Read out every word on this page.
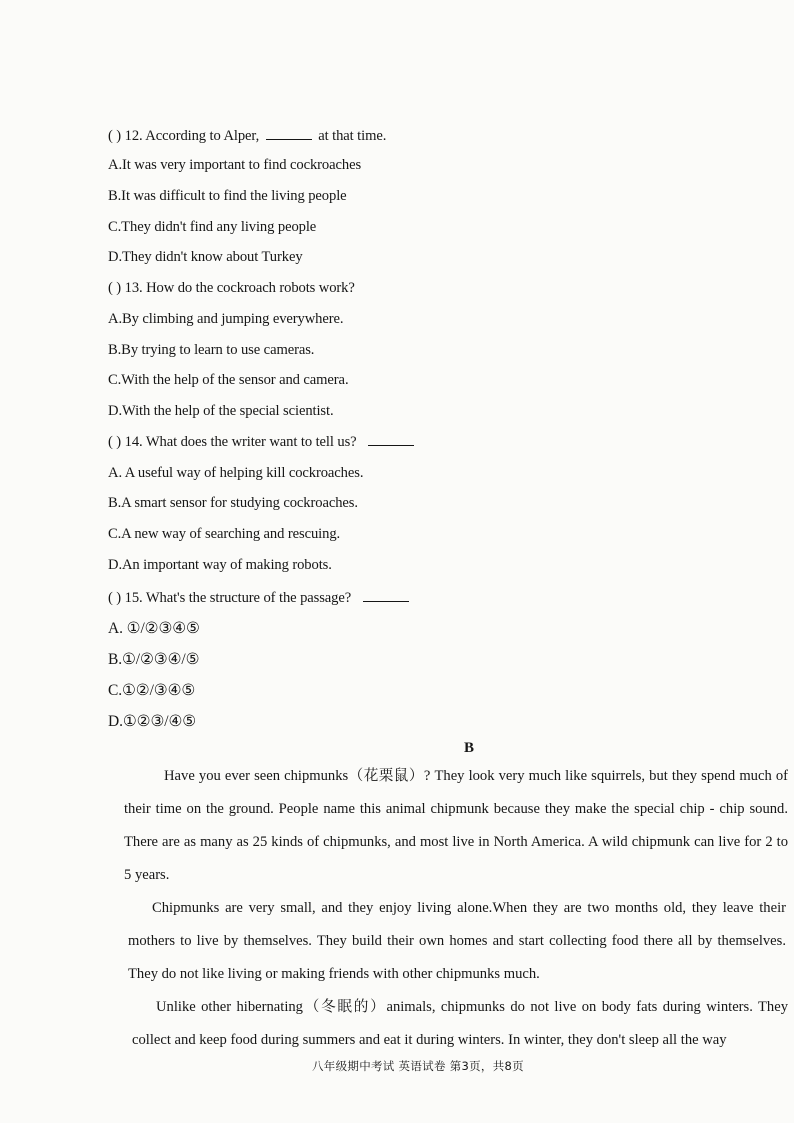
( ) 12. According to Alper,	at that time.
A.It was very important to find cockroaches
B.It was difficult to find the living people
C.They didn't find any living people
D.They didn't know about Turkey
( ) 13. How do the cockroach robots work?
A.By climbing and jumping everywhere.
B.By trying to learn to use cameras.
C.With the help of the sensor and camera.
D.With the help of the special scientist.
( ) 14. What does the writer want to tell us?
A. A useful way of helping kill cockroaches.
B.A smart sensor for studying cockroaches.
C.A new way of searching and rescuing.
D.An important way of making robots.
( ) 15. What's the structure of the passage?
A. ①/②③④⑤
B.①/②③④/⑤
C.①②/③④⑤
D.①②③/④⑤
B
Have you ever seen chipmunks（花栗鼠）? They look very much like squirrels, but they spend much of their time on the ground. People name this animal chipmunk because they make the special chip - chip sound. There are as many as 25 kinds of chipmunks, and most live in North America. A wild chipmunk can live for 2 to 5 years.
Chipmunks are very small, and they enjoy living alone.When they are two months old, they leave their mothers to live by themselves. They build their own homes and start collecting food there all by themselves. They do not like living or making friends with other chipmunks much.
Unlike other hibernating（冬眠的）animals, chipmunks do not live on body fats during winters. They collect and keep food during summers and eat it during winters. In winter, they don't sleep all the way
八年级期中考试 英语试卷 第3页，共8页
